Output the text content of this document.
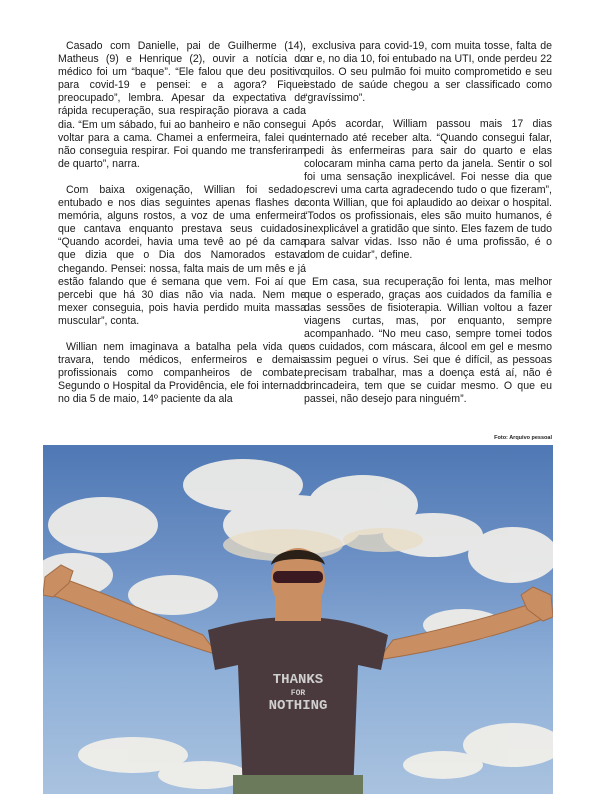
Casado com Danielle, pai de Guilherme (14), Matheus (9) e Henrique (2), ouvir a notícia do médico foi um “baque”. “Ele falou que deu positivo para covid-19 e pensei: e a agora? Fiquei preocupado”, lembra. Apesar da expectativa de rápida recuperação, sua respiração piorava a cada dia. “Em um sábado, fui ao banheiro e não consegui voltar para a cama. Chamei a enfermeira, falei que não conseguia respirar. Foi quando me transferiram de quarto”, narra.

Com baixa oxigenação, Willian foi sedado, entubado e nos dias seguintes apenas flashes de memória, alguns rostos, a voz de uma enfermeira que cantava enquanto prestava seus cuidados. “Quando acordei, havia uma tevê ao pé da cama que dizia que o Dia dos Namorados estava chegando. Pensei: nossa, falta mais de um mês e já estão falando que é semana que vem. Foi aí que percebi que há 30 dias não via nada. Nem me mexer conseguia, pois havia perdido muita massa muscular”, conta.

Willian nem imaginava a batalha pela vida que travara, tendo médicos, enfermeiros e demais profissionais como companheiros de combate. Segundo o Hospital da Providência, ele foi internado no dia 5 de maio, 14º paciente da ala

exclusiva para covid-19, com muita tosse, falta de ar e, no dia 10, foi entubado na UTI, onde perdeu 22 quilos. O seu pulmão foi muito comprometido e seu estado de saúde chegou a ser classificado como “gravíssimo”.

Após acordar, William passou mais 17 dias internado até receber alta. “Quando consegui falar, pedi às enfermeiras para sair do quarto e elas colocaram minha cama perto da janela. Sentir o sol foi uma sensação inexplicável. Foi nesse dia que escrevi uma carta agradecendo tudo o que fizeram”, conta Willian, que foi aplaudido ao deixar o hospital. “Todos os profissionais, eles são muito humanos, é inexplicável a gratidão que sinto. Eles fazem de tudo para salvar vidas. Isso não é uma profissão, é o dom de cuidar”, define.

Em casa, sua recuperação foi lenta, mas melhor que o esperado, graças aos cuidados da família e das sessões de fisioterapia. Willian voltou a fazer viagens curtas, mas, por enquanto, sempre acompanhado. “No meu caso, sempre tomei todos os cuidados, com máscara, álcool em gel e mesmo assim peguei o vírus. Sei que é difícil, as pessoas precisam trabalhar, mas a doença está aí, não é brincadeira, tem que se cuidar mesmo. O que eu passei, não desejo para ninguém”.

Foto: Arquivo pessoal
THANKS
FOR
NOTHING
